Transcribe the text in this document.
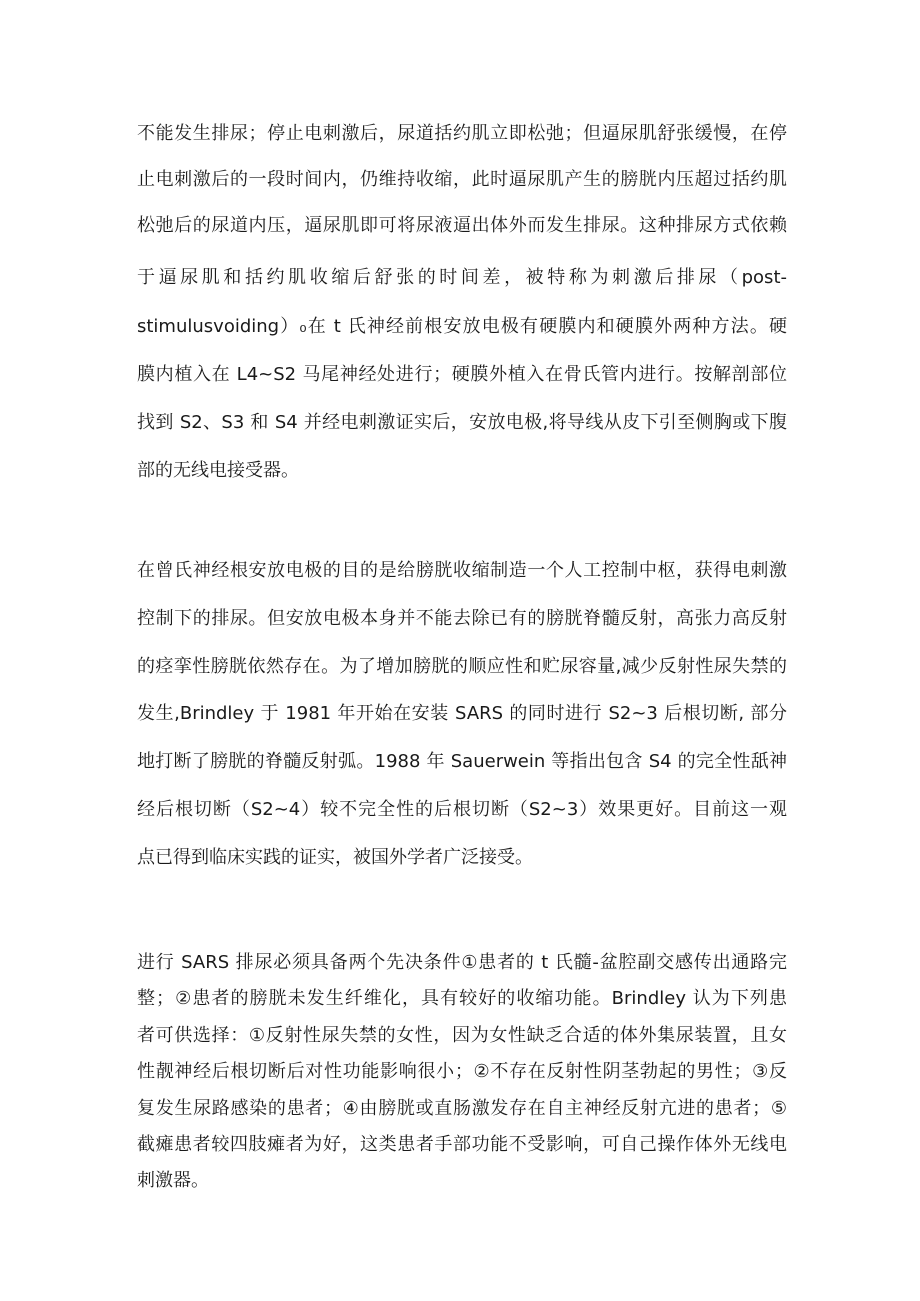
不能发生排尿；停止电刺激后，尿道括约肌立即松弛；但逼尿肌舒张缓慢，在停
止电刺激后的一段时间内，仍维持收缩，此时逼尿肌产生的膀胱内压超过括约肌
松弛后的尿道内压，逼尿肌即可将尿液逼出体外而发生排尿。这种排尿方式依赖
于逼尿肌和括约肌收缩后舒张的时间差，被特称为刺激后排尿（post-
stimulusvoiding）₀在 t 氏神经前根安放电极有硬膜内和硬膜外两种方法。硬
膜内植入在 L4~S2 马尾神经处进行；硬膜外植入在骨氏管内进行。按解剖部位
找到 S2、S3 和 S4 并经电刺激证实后，安放电极,将导线从皮下引至侧胸或下腹
部的无线电接受器。
在曾氏神经根安放电极的目的是给膀胱收缩制造一个人工控制中枢，获得电刺激
控制下的排尿。但安放电极本身并不能去除已有的膀胱脊髓反射，高张力高反射
的痉挛性膀胱依然存在。为了增加膀胱的顺应性和贮尿容量,减少反射性尿失禁的
发生,Brindley 于 1981 年开始在安装 SARS 的同时进行 S2~3 后根切断, 部分
地打断了膀胱的脊髓反射弧。1988 年 Sauerwein 等指出包含 S4 的完全性舐神
经后根切断（S2~4）较不完全性的后根切断（S2~3）效果更好。目前这一观
点已得到临床实践的证实，被国外学者广泛接受。
进行 SARS 排尿必须具备两个先决条件①患者的 t 氏髓-盆腔副交感传出通路完
整；②患者的膀胱未发生纤维化，具有较好的收缩功能。Brindley 认为下列患
者可供选择：①反射性尿失禁的女性，因为女性缺乏合适的体外集尿装置，且女
性靓神经后根切断后对性功能影响很小；②不存在反射性阴茎勃起的男性；③反
复发生尿路感染的患者；④由膀胱或直肠激发存在自主神经反射亢进的患者；⑤
截瘫患者较四肢瘫者为好，这类患者手部功能不受影响，可自己操作体外无线电
刺激器。
